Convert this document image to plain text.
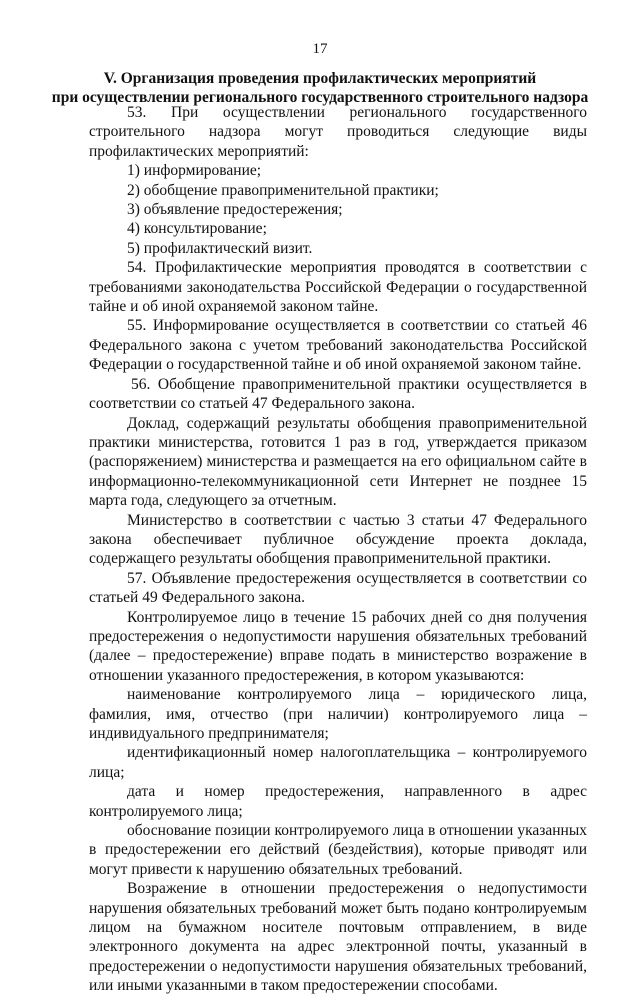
17
V. Организация проведения профилактических мероприятий
при осуществлении регионального государственного строительного надзора

53. При осуществлении регионального государственного строительного надзора могут проводиться следующие виды профилактических мероприятий:

1) информирование;

2) обобщение правоприменительной практики;

3) объявление предостережения;

4) консультирование;

5) профилактический визит.

54. Профилактические мероприятия проводятся в соответствии с требованиями законодательства Российской Федерации о государственной тайне и об иной охраняемой законом тайне.

55. Информирование осуществляется в соответствии со статьей 46 Федерального закона с учетом требований законодательства Российской Федерации о государственной тайне и об иной охраняемой законом тайне.

56. Обобщение правоприменительной практики осуществляется в соответствии со статьей 47 Федерального закона.

Доклад, содержащий результаты обобщения правоприменительной практики министерства, готовится 1 раз в год, утверждается приказом (распоряжением) министерства и размещается на его официальном сайте в информационно-телекоммуникационной сети Интернет не позднее 15 марта года, следующего за отчетным.

Министерство в соответствии с частью 3 статьи 47 Федерального закона обеспечивает публичное обсуждение проекта доклада, содержащего результаты обобщения правоприменительной практики.

57. Объявление предостережения осуществляется в соответствии со статьей 49 Федерального закона.

Контролируемое лицо в течение 15 рабочих дней со дня получения предостережения о недопустимости нарушения обязательных требований (далее – предостережение) вправе подать в министерство возражение в отношении указанного предостережения, в котором указываются:

наименование контролируемого лица – юридического лица, фамилия, имя, отчество (при наличии) контролируемого лица – индивидуального предпринимателя;

идентификационный номер налогоплательщика – контролируемого лица;

дата и номер предостережения, направленного в адрес контролируемого лица;

обоснование позиции контролируемого лица в отношении указанных в предостережении его действий (бездействия), которые приводят или могут привести к нарушению обязательных требований.

Возражение в отношении предостережения о недопустимости нарушения обязательных требований может быть подано контролируемым лицом на бумажном носителе почтовым отправлением, в виде электронного документа на адрес электронной почты, указанный в предостережении о недопустимости нарушения обязательных требований, или иными указанными в таком предостережении способами.
